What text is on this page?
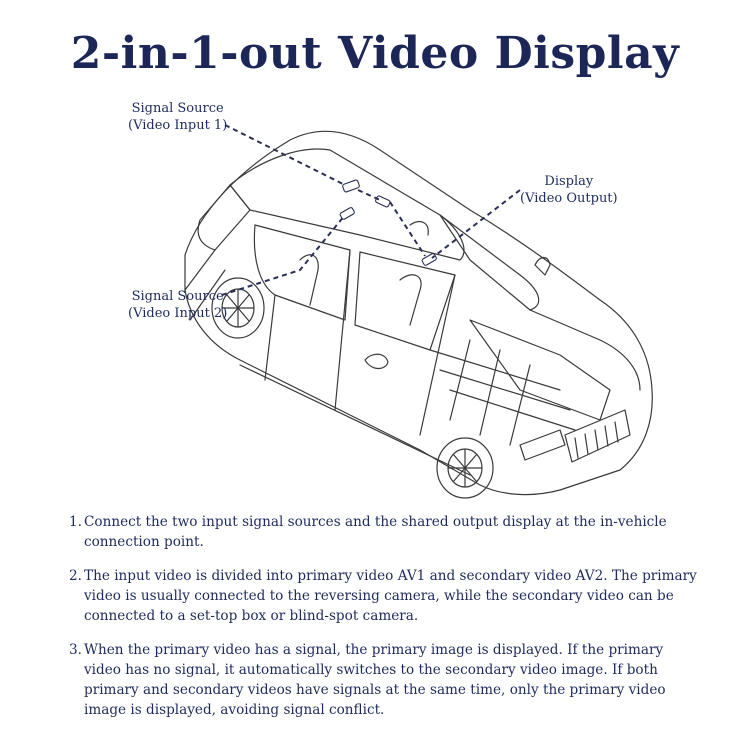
2-in-1-out Video Display
Signal Source
(Video Input 1)
Display
(Video Output)
Signal Source
(Video Input 2)
1. Connect the two input signal sources and the shared output display at the in-vehicle connection point.
2. The input video is divided into primary video AV1 and secondary video AV2. The primary video is usually connected to the reversing camera, while the secondary video can be connected to a set-top box or blind-spot camera.
3. When the primary video has a signal, the primary image is displayed. If the primary video has no signal, it automatically switches to the secondary video image. If both primary and secondary videos have signals at the same time, only the primary video image is displayed, avoiding signal conflict.
